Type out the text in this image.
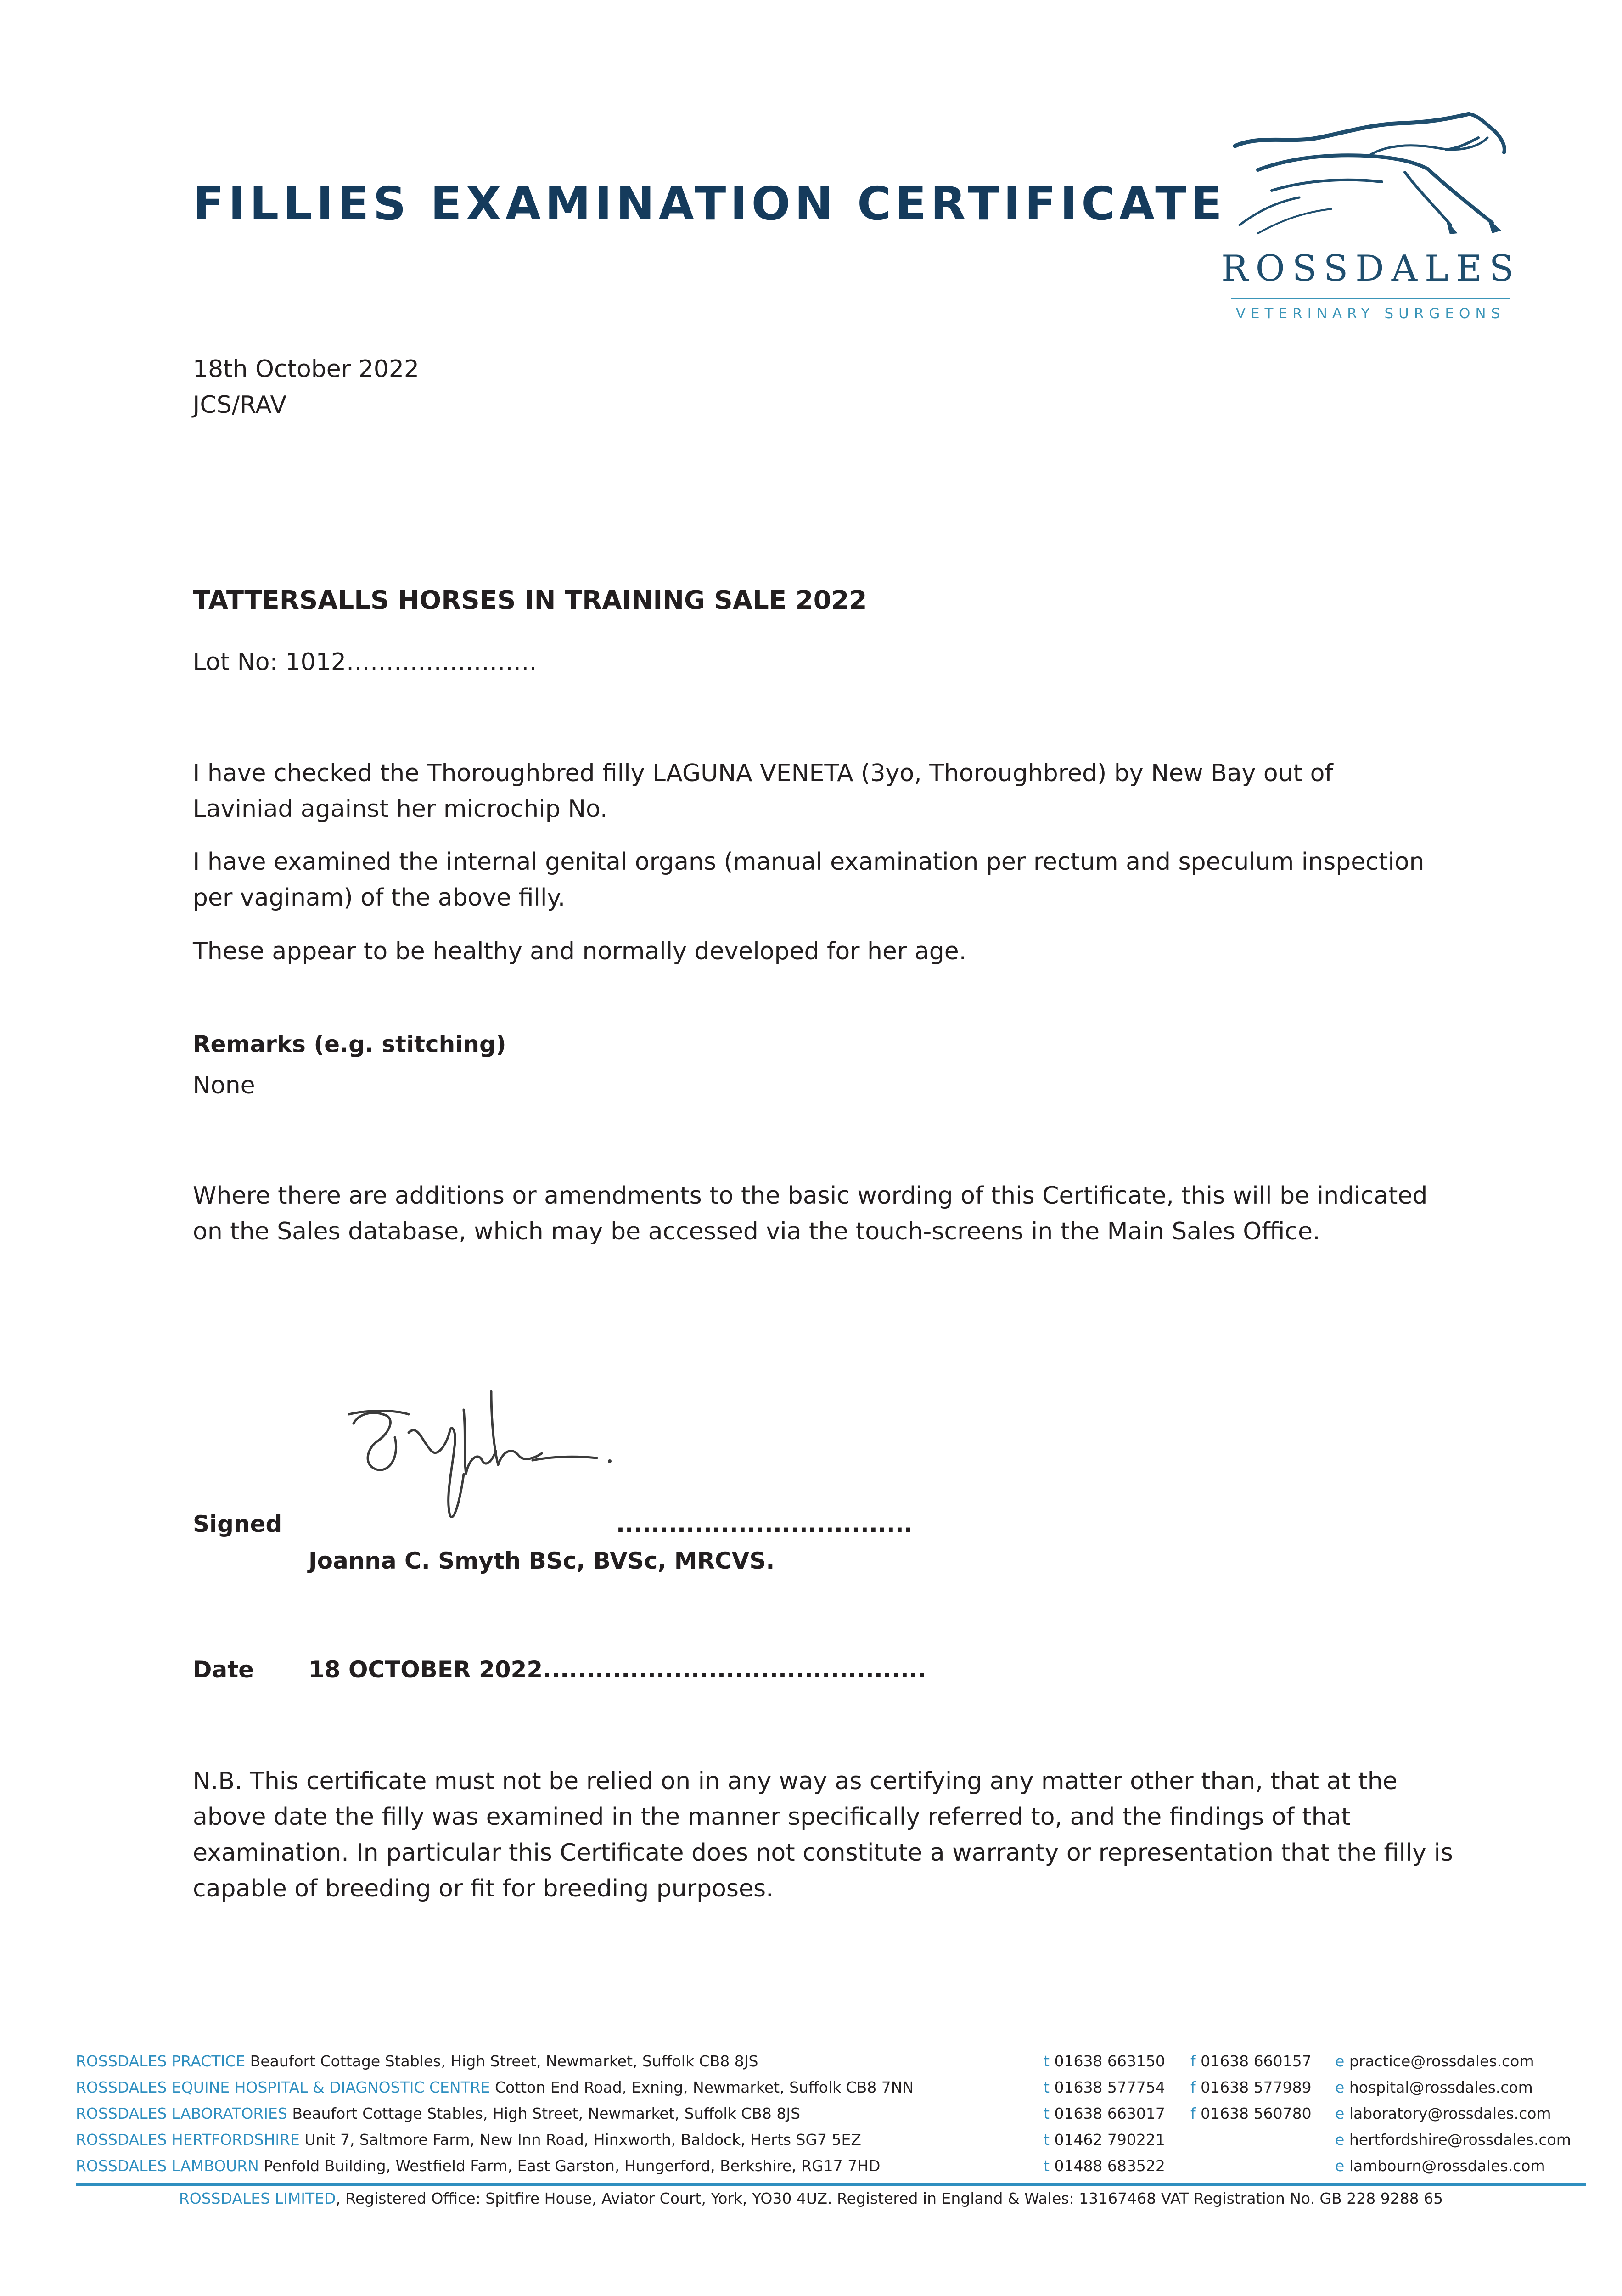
FILLIES EXAMINATION CERTIFICATE
ROSSDALES
VETERINARY SURGEONS
18th October 2022
JCS/RAV
TATTERSALLS HORSES IN TRAINING SALE 2022
Lot No: 1012……………………
I have checked the Thoroughbred filly LAGUNA VENETA (3yo, Thoroughbred) by New Bay out of
Laviniad against her microchip No.
I have examined the internal genital organs (manual examination per rectum and speculum inspection
per vaginam) of the above filly.
These appear to be healthy and normally developed for her age.
Remarks (e.g. stitching)
None
Where there are additions or amendments to the basic wording of this Certificate, this will be indicated
on the Sales database, which may be accessed via the touch-screens in the Main Sales Office.
Signed	..................................
Joanna C. Smyth BSc, BVSc, MRCVS.
Date 18 OCTOBER 2022............................................
N.B. This certificate must not be relied on in any way as certifying any matter other than, that at the
above date the filly was examined in the manner specifically referred to, and the findings of that
examination. In particular this Certificate does not constitute a warranty or representation that the filly is
capable of breeding or fit for breeding purposes.
ROSSDALES PRACTICE Beaufort Cottage Stables, High Street, Newmarket, Suffolk CB8 8JS	t 01638 663150 f 01638 660157 e practice@rossdales.com
ROSSDALES EQUINE HOSPITAL & DIAGNOSTIC CENTRE Cotton End Road, Exning, Newmarket, Suffolk CB8 7NN	t 01638 577754 f 01638 577989 e hospital@rossdales.com
ROSSDALES LABORATORIES Beaufort Cottage Stables, High Street, Newmarket, Suffolk CB8 8JS	t 01638 663017 f 01638 560780 e laboratory@rossdales.com
ROSSDALES HERTFORDSHIRE Unit 7, Saltmore Farm, New Inn Road, Hinxworth, Baldock, Herts SG7 5EZ	t 01462 790221	e hertfordshire@rossdales.com
ROSSDALES LAMBOURN Penfold Building, Westfield Farm, East Garston, Hungerford, Berkshire, RG17 7HD	t 01488 683522	e lambourn@rossdales.com
ROSSDALES LIMITED, Registered Office: Spitfire House, Aviator Court, York, YO30 4UZ. Registered in England & Wales: 13167468 VAT Registration No. GB 228 9288 65
